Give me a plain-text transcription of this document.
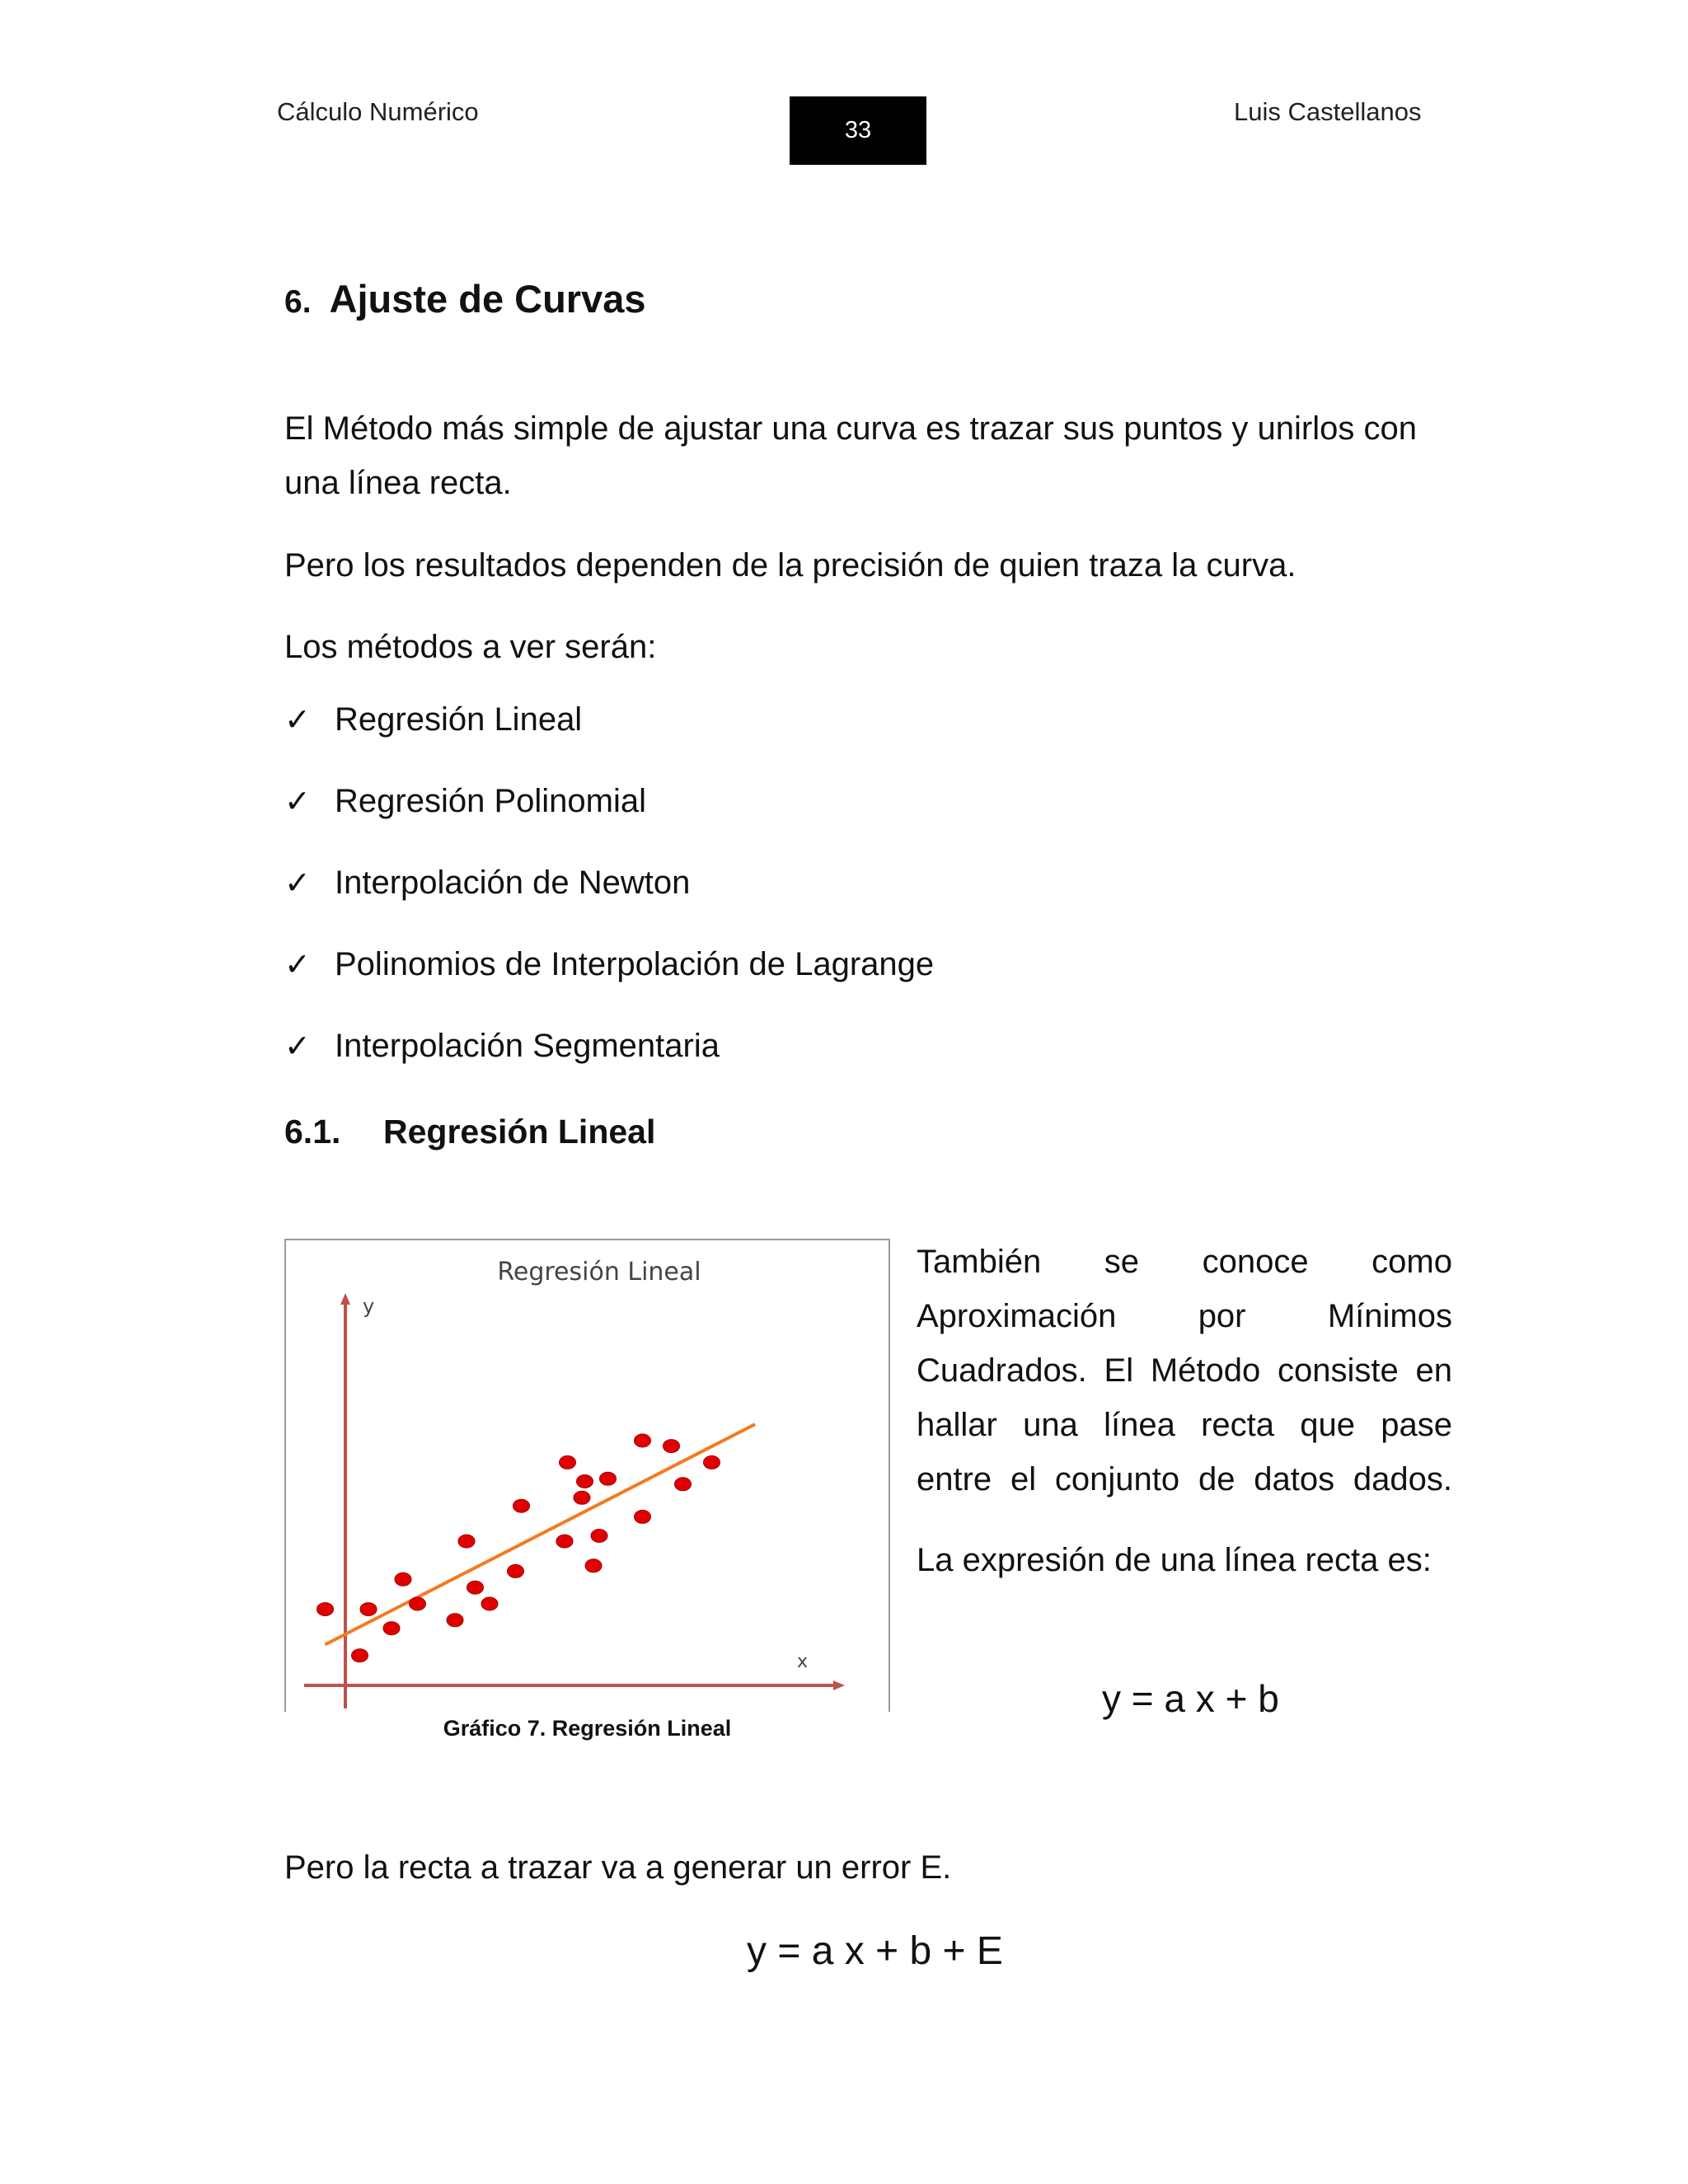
Cálculo Numérico
33
Luis Castellanos
6. Ajuste de Curvas
El Método más simple de ajustar una curva es trazar sus puntos y unirlos con una línea recta.
Pero los resultados dependen de la precisión de quien traza la curva.
Los métodos a ver serán:
✓ Regresión Lineal
✓ Regresión Polinomial
✓ Interpolación de Newton
✓ Polinomios de Interpolación de Lagrange
✓ Interpolación Segmentaria
6.1. Regresión Lineal
Regresión Lineal
y
x
Gráfico 7. Regresión Lineal
También se conoce como Aproximación por Mínimos Cuadrados. El Método consiste en hallar una línea recta que pase entre el conjunto de datos dados.
La expresión de una línea recta es:
y = a x + b
Pero la recta a trazar va a generar un error E.
y = a x + b + E
